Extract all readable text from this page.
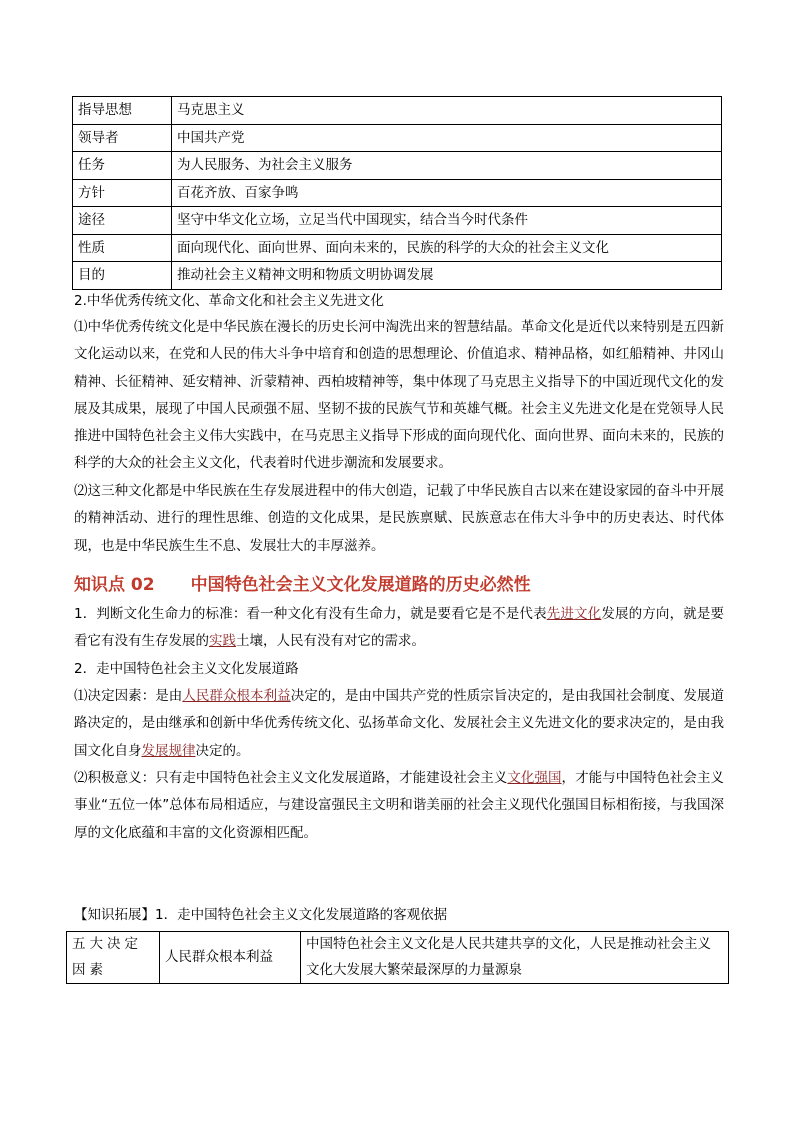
指导思想	马克思主义
领导者	中国共产党
任务	为人民服务、为社会主义服务
方针	百花齐放、百家争鸣
途径	坚守中华文化立场，立足当代中国现实，结合当今时代条件
性质	面向现代化、面向世界、面向未来的，民族的科学的大众的社会主义文化
目的	推动社会主义精神文明和物质文明协调发展
2.中华优秀传统文化、革命文化和社会主义先进文化
⑴中华优秀传统文化是中华民族在漫长的历史长河中淘洗出来的智慧结晶。革命文化是近代以来特别是五四新文化运动以来，在党和人民的伟大斗争中培育和创造的思想理论、价值追求、精神品格，如红船精神、井冈山精神、长征精神、延安精神、沂蒙精神、西柏坡精神等，集中体现了马克思主义指导下的中国近现代文化的发展及其成果，展现了中国人民顽强不屈、坚韧不拔的民族气节和英雄气概。社会主义先进文化是在党领导人民推进中国特色社会主义伟大实践中，在马克思主义指导下形成的面向现代化、面向世界、面向未来的，民族的科学的大众的社会主义文化，代表着时代进步潮流和发展要求。
⑵这三种文化都是中华民族在生存发展进程中的伟大创造，记载了中华民族自古以来在建设家园的奋斗中开展的精神活动、进行的理性思维、创造的文化成果，是民族禀赋、民族意志在伟大斗争中的历史表达、时代体现，也是中华民族生生不息、发展壮大的丰厚滋养。
知识点 02 中国特色社会主义文化发展道路的历史必然性
1．判断文化生命力的标准：看一种文化有没有生命力，就是要看它是不是代表先进文化发展的方向，就是要看它有没有生存发展的实践土壤，人民有没有对它的需求。
2．走中国特色社会主义文化发展道路
⑴决定因素：是由人民群众根本利益决定的，是由中国共产党的性质宗旨决定的，是由我国社会制度、发展道路决定的，是由继承和创新中华优秀传统文化、弘扬革命文化、发展社会主义先进文化的要求决定的，是由我国文化自身发展规律决定的。
⑵积极意义：只有走中国特色社会主义文化发展道路，才能建设社会主义文化强国，才能与中国特色社会主义事业“五位一体”总体布局相适应，与建设富强民主文明和谐美丽的社会主义现代化强国目标相衔接，与我国深厚的文化底蕴和丰富的文化资源相匹配。
【知识拓展】1．走中国特色社会主义文化发展道路的客观依据
五大决定因素	人民群众根本利益	中国特色社会主义文化是人民共建共享的文化，人民是推动社会主义文化大发展大繁荣最深厚的力量源泉
